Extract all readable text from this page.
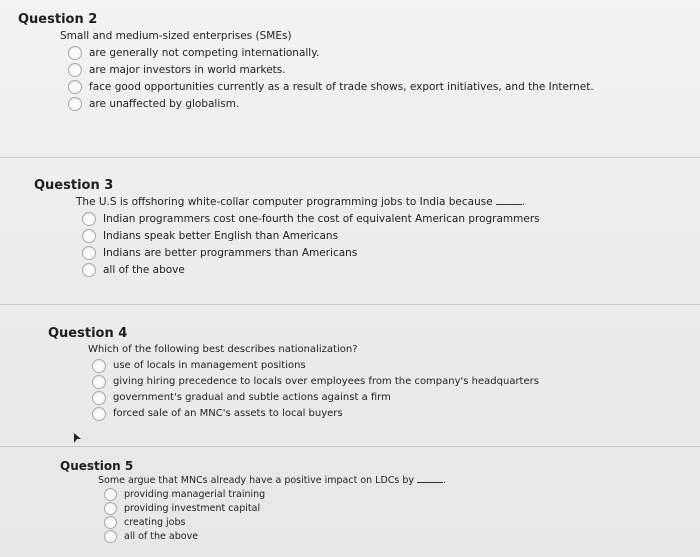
Question 2
Small and medium-sized enterprises (SMEs)
are generally not competing internationally.
are major investors in world markets.
face good opportunities currently as a result of trade shows, export initiatives, and the Internet.
are unaffected by globalism.
Question 3
The U.S is offshoring white-collar computer programming jobs to India because	.
Indian programmers cost one-fourth the cost of equivalent American programmers
Indians speak better English than Americans
Indians are better programmers than Americans
all of the above
Question 4
Which of the following best describes nationalization?
use of locals in management positions
giving hiring precedence to locals over employees from the company's headquarters
government's gradual and subtle actions against a firm
forced sale of an MNC's assets to local buyers
Question 5
Some argue that MNCs already have a positive impact on LDCs by	.
providing managerial training
providing investment capital
creating jobs
all of the above
